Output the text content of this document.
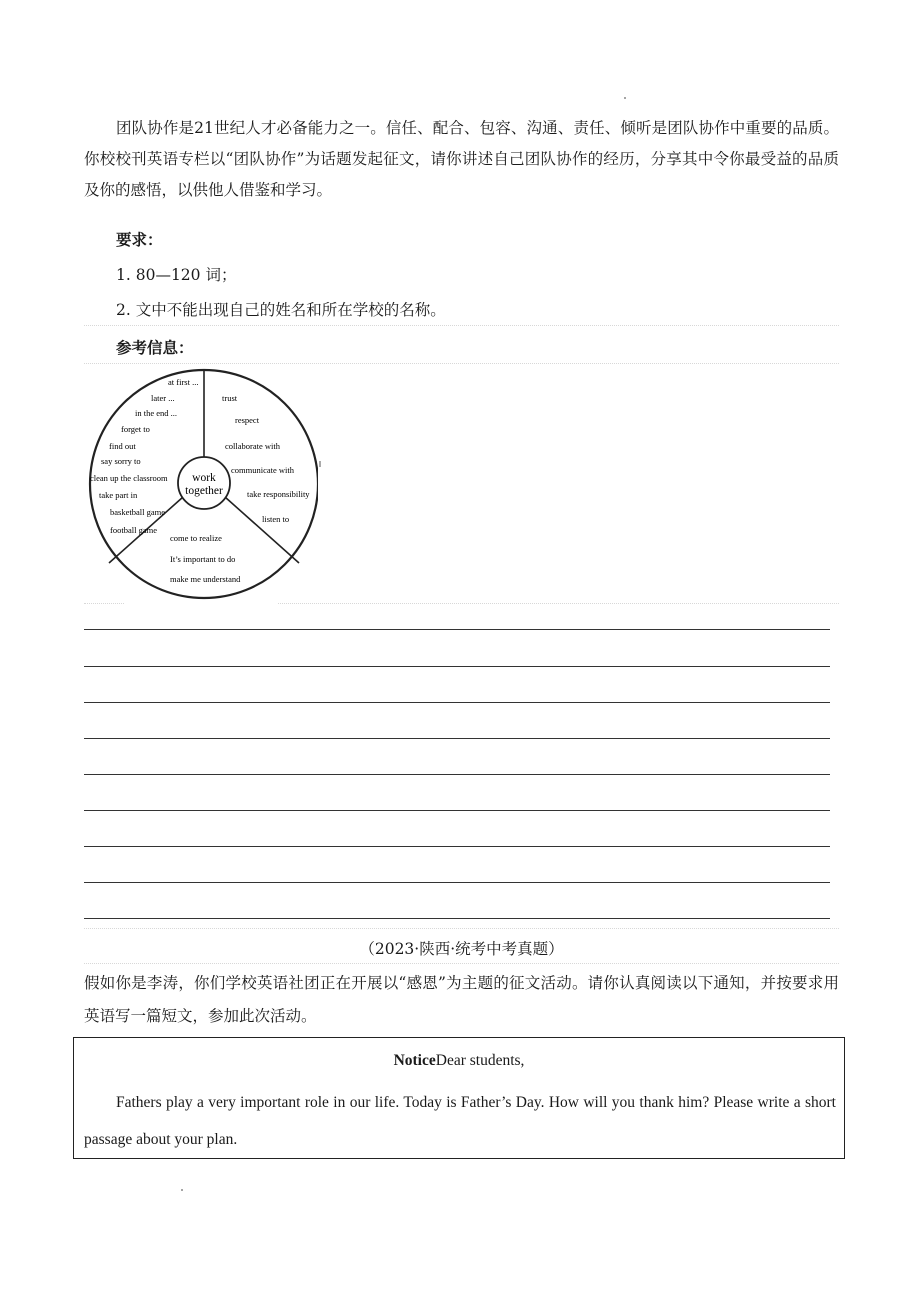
团队协作是21世纪人才必备能力之一。信任、配合、包容、沟通、责任、倾听是团队协作中重要的品质。你校校刊英语专栏以“团队协作”为话题发起征文，请你讲述自己团队协作的经历，分享其中令你最受益的品质及你的感悟，以供他人借鉴和学习。

要求：

1. 80—120 词；

2. 文中不能出现自己的姓名和所在学校的名称。

参考信息：

work
together
at first ...
later ...
in the end ...
forget to
find out
say sorry to
clean up the classroom
take part in
basketball game
football game
trust
respect
collaborate with
communicate with
take responsibility
listen to
come to realize
It’s important to do
make me understand
（2023·陕西·统考中考真题）

假如你是李涛，你们学校英语社团正在开展以“感恩”为主题的征文活动。请你认真阅读以下通知，并按要求用英语写一篇短文，参加此次活动。

NoticeDear students,

Fathers play a very important role in our life. Today is Father’s Day. How will you thank him? Please write a short passage about your plan.
